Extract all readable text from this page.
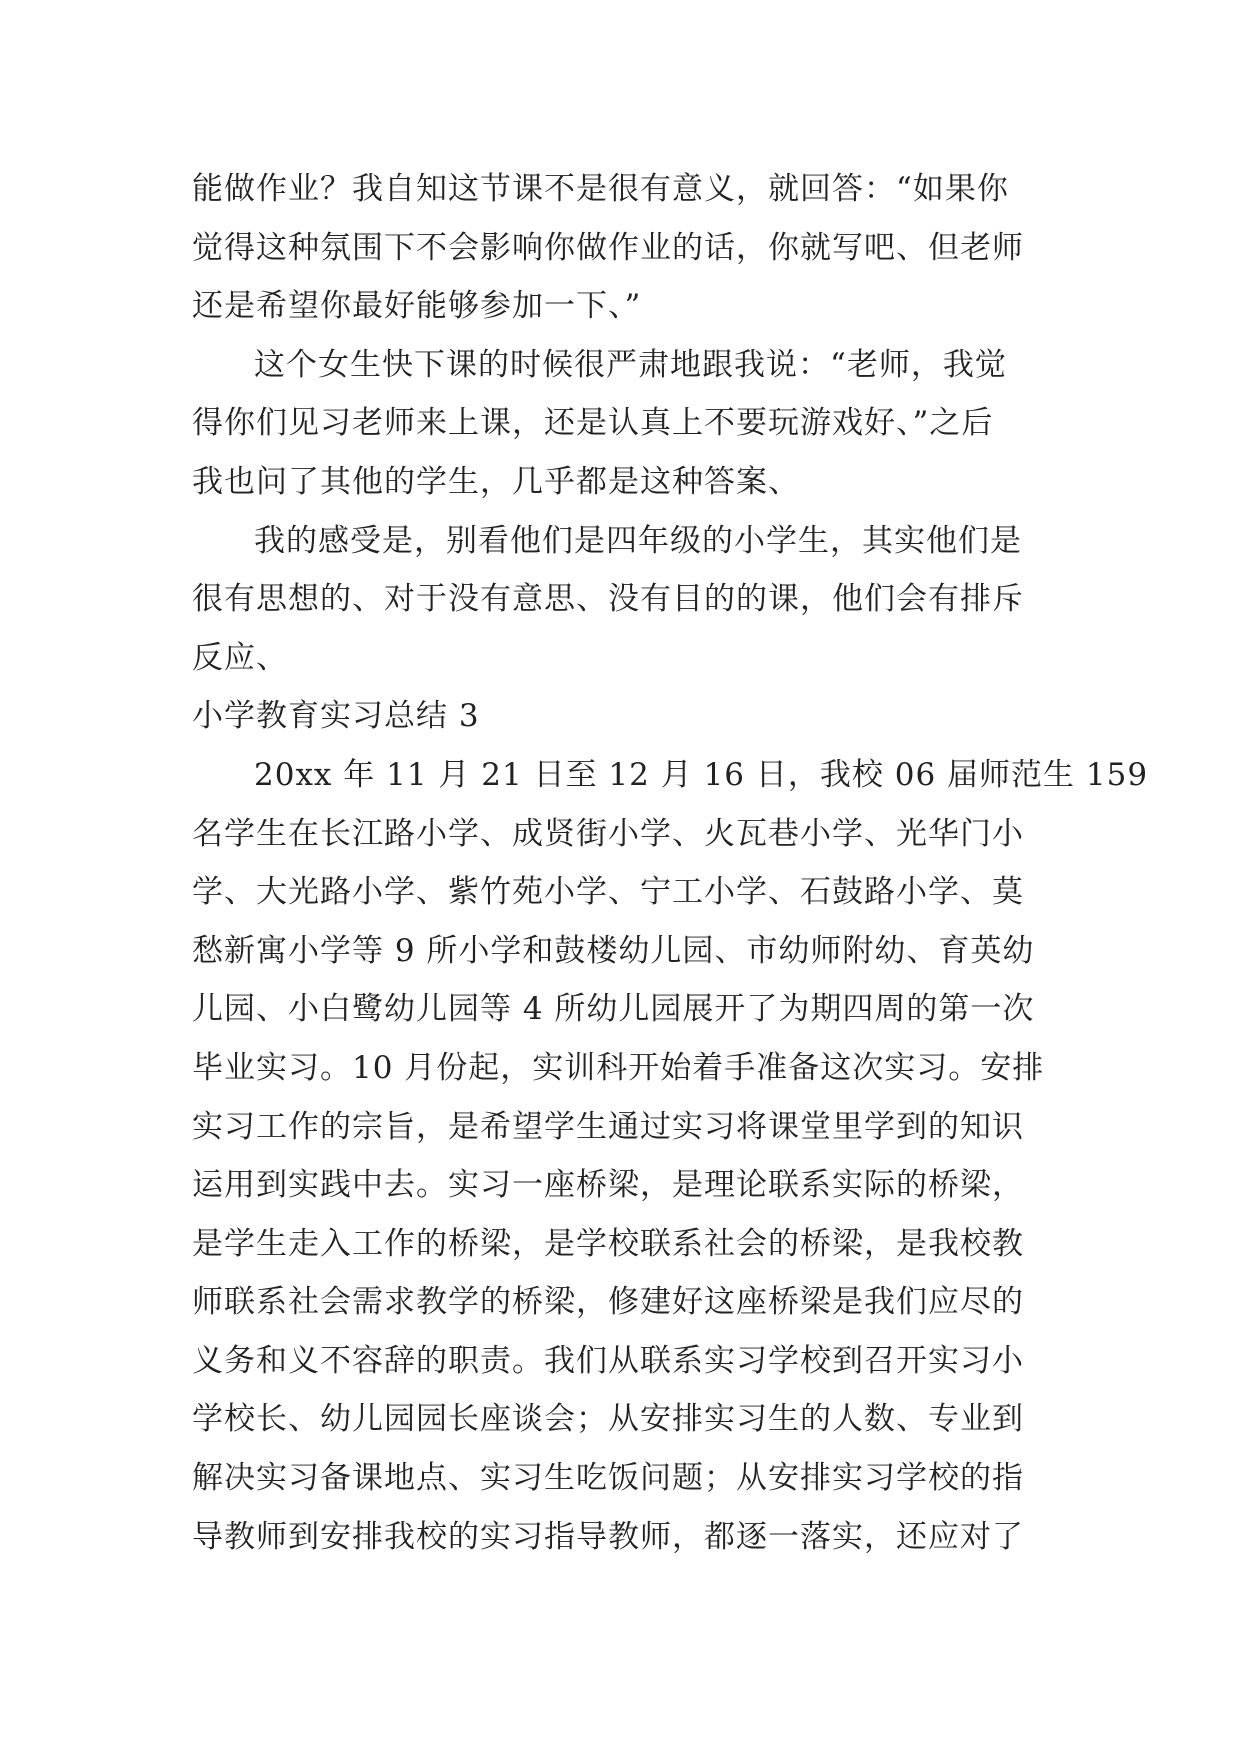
能做作业？我自知这节课不是很有意义，就回答：“如果你
觉得这种氛围下不会影响你做作业的话，你就写吧、但老师
还是希望你最好能够参加一下、”
这个女生快下课的时候很严肃地跟我说：“老师，我觉
得你们见习老师来上课，还是认真上不要玩游戏好、”之后
我也问了其他的学生，几乎都是这种答案、
我的感受是，别看他们是四年级的小学生，其实他们是
很有思想的、对于没有意思、没有目的的课，他们会有排斥
反应、
小学教育实习总结 3
20xx 年 11 月 21 日至 12 月 16 日，我校 06 届师范生 159
名学生在长江路小学、成贤街小学、火瓦巷小学、光华门小
学、大光路小学、紫竹苑小学、宁工小学、石鼓路小学、莫
愁新寓小学等 9 所小学和鼓楼幼儿园、市幼师附幼、育英幼
儿园、小白鹭幼儿园等 4 所幼儿园展开了为期四周的第一次
毕业实习。10 月份起，实训科开始着手准备这次实习。安排
实习工作的宗旨，是希望学生通过实习将课堂里学到的知识
运用到实践中去。实习一座桥梁，是理论联系实际的桥梁，
是学生走入工作的桥梁，是学校联系社会的桥梁，是我校教
师联系社会需求教学的桥梁，修建好这座桥梁是我们应尽的
义务和义不容辞的职责。我们从联系实习学校到召开实习小
学校长、幼儿园园长座谈会；从安排实习生的人数、专业到
解决实习备课地点、实习生吃饭问题；从安排实习学校的指
导教师到安排我校的实习指导教师，都逐一落实，还应对了
